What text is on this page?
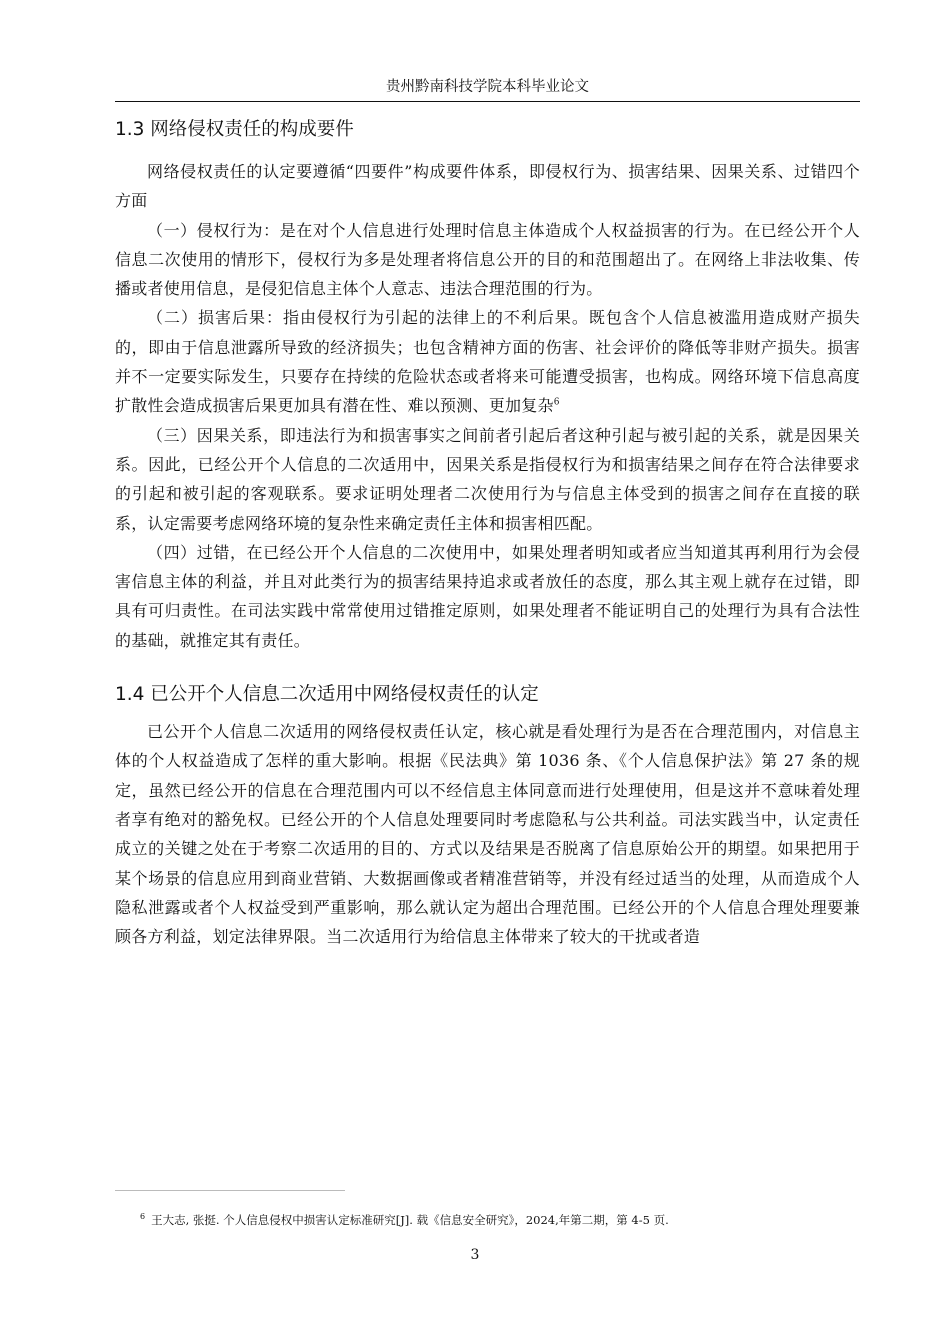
贵州黔南科技学院本科毕业论文
1.3 网络侵权责任的构成要件

网络侵权责任的认定要遵循“四要件”构成要件体系，即侵权行为、损害结果、因果关系、过错四个方面

（一）侵权行为：是在对个人信息进行处理时信息主体造成个人权益损害的行为。在已经公开个人信息二次使用的情形下，侵权行为多是处理者将信息公开的目的和范围超出了。在网络上非法收集、传播或者使用信息，是侵犯信息主体个人意志、违法合理范围的行为。

（二）损害后果：指由侵权行为引起的法律上的不利后果。既包含个人信息被滥用造成财产损失的，即由于信息泄露所导致的经济损失；也包含精神方面的伤害、社会评价的降低等非财产损失。损害并不一定要实际发生，只要存在持续的危险状态或者将来可能遭受损害，也构成。网络环境下信息高度扩散性会造成损害后果更加具有潜在性、难以预测、更加复杂$^6$

（三）因果关系，即违法行为和损害事实之间前者引起后者这种引起与被引起的关系，就是因果关系。因此，已经公开个人信息的二次适用中，因果关系是指侵权行为和损害结果之间存在符合法律要求的引起和被引起的客观联系。要求证明处理者二次使用行为与信息主体受到的损害之间存在直接的联系，认定需要考虑网络环境的复杂性来确定责任主体和损害相匹配。

（四）过错，在已经公开个人信息的二次使用中，如果处理者明知或者应当知道其再利用行为会侵害信息主体的利益，并且对此类行为的损害结果持追求或者放任的态度，那么其主观上就存在过错，即具有可归责性。在司法实践中常常使用过错推定原则，如果处理者不能证明自己的处理行为具有合法性的基础，就推定其有责任。

1.4 已公开个人信息二次适用中网络侵权责任的认定

已公开个人信息二次适用的网络侵权责任认定，核心就是看处理行为是否在合理范围内，对信息主体的个人权益造成了怎样的重大影响。根据《民法典》第 1036 条、《个人信息保护法》第 27 条的规定，虽然已经公开的信息在合理范围内可以不经信息主体同意而进行处理使用，但是这并不意味着处理者享有绝对的豁免权。已经公开的个人信息处理要同时考虑隐私与公共利益。司法实践当中，认定责任成立的关键之处在于考察二次适用的目的、方式以及结果是否脱离了信息原始公开的期望。如果把用于某个场景的信息应用到商业营销、大数据画像或者精准营销等，并没有经过适当的处理，从而造成个人隐私泄露或者个人权益受到严重影响，那么就认定为超出合理范围。已经公开的个人信息合理处理要兼顾各方利益，划定法律界限。当二次适用行为给信息主体带来了较大的干扰或者造

$^6$ 王大志, 张挺. 个人信息侵权中损害认定标准研究[J]. 载《信息安全研究》，2024,年第二期，第 4-5 页.
3
